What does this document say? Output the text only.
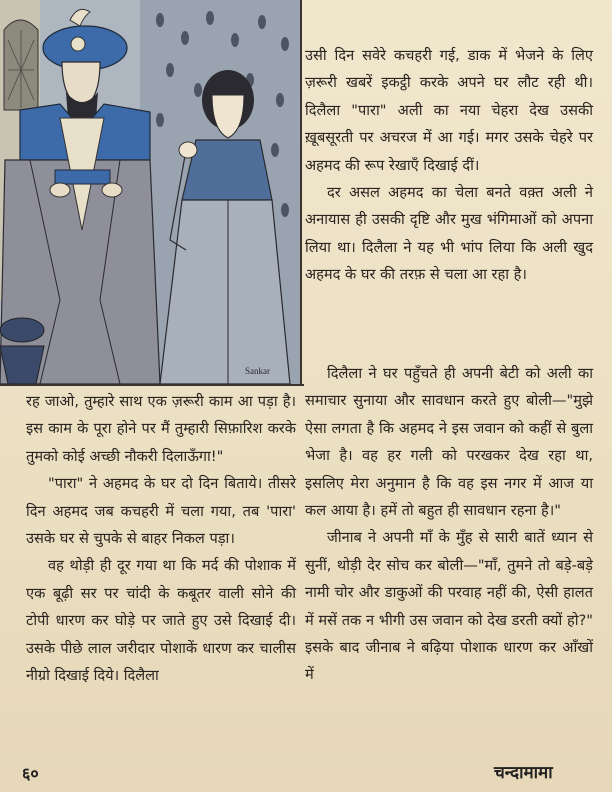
Sankar

उसी दिन सवेरे कचहरी गई, डाक में भेजने के लिए ज़रूरी खबरें इकट्ठी करके अपने घर लौट रही थी। दिलैला "पारा" अली का नया चेहरा देख उसकी ख़ूबसूरती पर अचरज में आ गई। मगर उसके चेहरे पर अहमद की रूप रेखाएँ दिखाई दीं।

दर असल अहमद का चेला बनते वक़्त अली ने अनायास ही उसकी दृष्टि और मुख भंगिमाओं को अपना लिया था। दिलैला ने यह भी भांप लिया कि अली खुद अहमद के घर की तरफ़ से चला आ रहा है।

दिलैला ने घर पहुँचते ही अपनी बेटी को अली का समाचार सुनाया और सावधान करते हुए बोली—"मुझे ऐसा लगता है कि अहमद ने इस जवान को कहीं से बुला भेजा है। वह हर गली को परखकर देख रहा था, इसलिए मेरा अनुमान है कि वह इस नगर में आज या कल आया है। हमें तो बहुत ही सावधान रहना है।"

जीनाब ने अपनी माँ के मुँह से सारी बातें ध्यान से सुनीं, थोड़ी देर सोच कर बोली—"माँ, तुमने तो बड़े-बड़े नामी चोर और डाकुओं की परवाह नहीं की, ऐसी हालत में मसें तक न भीगी उस जवान को देख डरती क्यों हो?" इसके बाद जीनाब ने बढ़िया पोशाक धारण कर आँखों में

रह जाओ, तुम्हारे साथ एक ज़रूरी काम आ पड़ा है। इस काम के पूरा होने पर मैं तुम्हारी सिफ़ारिश करके तुमको कोई अच्छी नौकरी दिलाऊँगा!"

"पारा" ने अहमद के घर दो दिन बिताये। तीसरे दिन अहमद जब कचहरी में चला गया, तब 'पारा' उसके घर से चुपके से बाहर निकल पड़ा।

वह थोड़ी ही दूर गया था कि मर्द की पोशाक में एक बूढ़ी सर पर चांदी के कबूतर वाली सोने की टोपी धारण कर घोड़े पर जाते हुए उसे दिखाई दी। उसके पीछे लाल जरीदार पोशाकें धारण कर चालीस नीग्रो दिखाई दिये। दिलैला

६०	चन्दामामा
